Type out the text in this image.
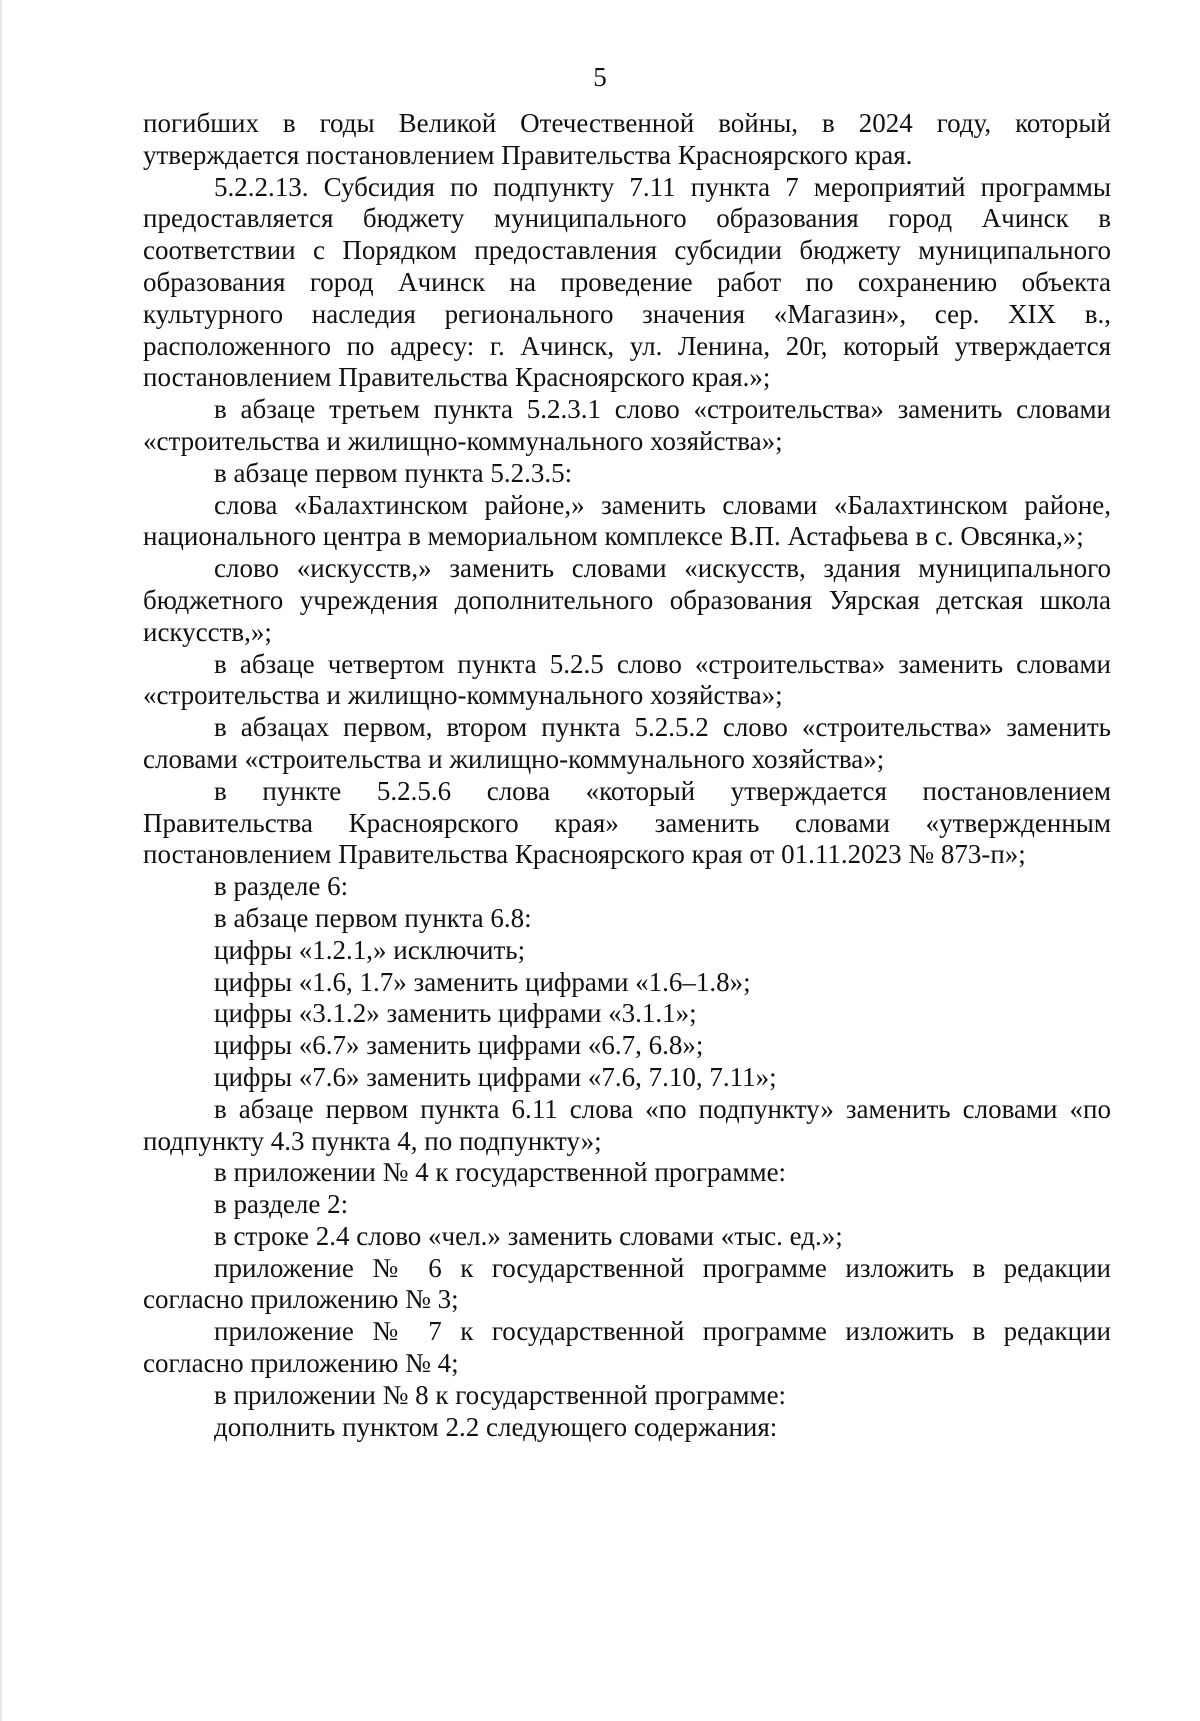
5

погибших в годы Великой Отечественной войны, в 2024 году, который утверждается постановлением Правительства Красноярского края.

5.2.2.13. Субсидия по подпункту 7.11 пункта 7 мероприятий программы предоставляется бюджету муниципального образования город Ачинск в соответствии с Порядком предоставления субсидии бюджету муниципального образования город Ачинск на проведение работ по сохранению объекта культурного наследия регионального значения «Магазин», сер. XIX в., расположенного по адресу: г. Ачинск, ул. Ленина, 20г, который утверждается постановлением Правительства Красноярского края.»;

в абзаце третьем пункта 5.2.3.1 слово «строительства» заменить словами «строительства и жилищно-коммунального хозяйства»;

в абзаце первом пункта 5.2.3.5:

слова «Балахтинском районе,» заменить словами «Балахтинском районе, национального центра в мемориальном комплексе В.П. Астафьева в с. Овсянка,»;

слово «искусств,» заменить словами «искусств, здания муниципального бюджетного учреждения дополнительного образования Уярская детская школа искусств,»;

в абзаце четвертом пункта 5.2.5 слово «строительства» заменить словами «строительства и жилищно-коммунального хозяйства»;

в абзацах первом, втором пункта 5.2.5.2 слово «строительства» заменить словами «строительства и жилищно-коммунального хозяйства»;

в пункте 5.2.5.6 слова «который утверждается постановлением Правительства Красноярского края» заменить словами «утвержденным постановлением Правительства Красноярского края от 01.11.2023 № 873-п»;

в разделе 6:

в абзаце первом пункта 6.8:

цифры «1.2.1,» исключить;

цифры «1.6, 1.7» заменить цифрами «1.6–1.8»;

цифры «3.1.2» заменить цифрами «3.1.1»;

цифры «6.7» заменить цифрами «6.7, 6.8»;

цифры «7.6» заменить цифрами «7.6, 7.10, 7.11»;

в абзаце первом пункта 6.11 слова «по подпункту» заменить словами «по подпункту 4.3 пункта 4, по подпункту»;

в приложении № 4 к государственной программе:

в разделе 2:

в строке 2.4 слово «чел.» заменить словами «тыс. ед.»;

приложение № 6 к государственной программе изложить в редакции согласно приложению № 3;

приложение № 7 к государственной программе изложить в редакции согласно приложению № 4;

в приложении № 8 к государственной программе:

дополнить пунктом 2.2 следующего содержания:
